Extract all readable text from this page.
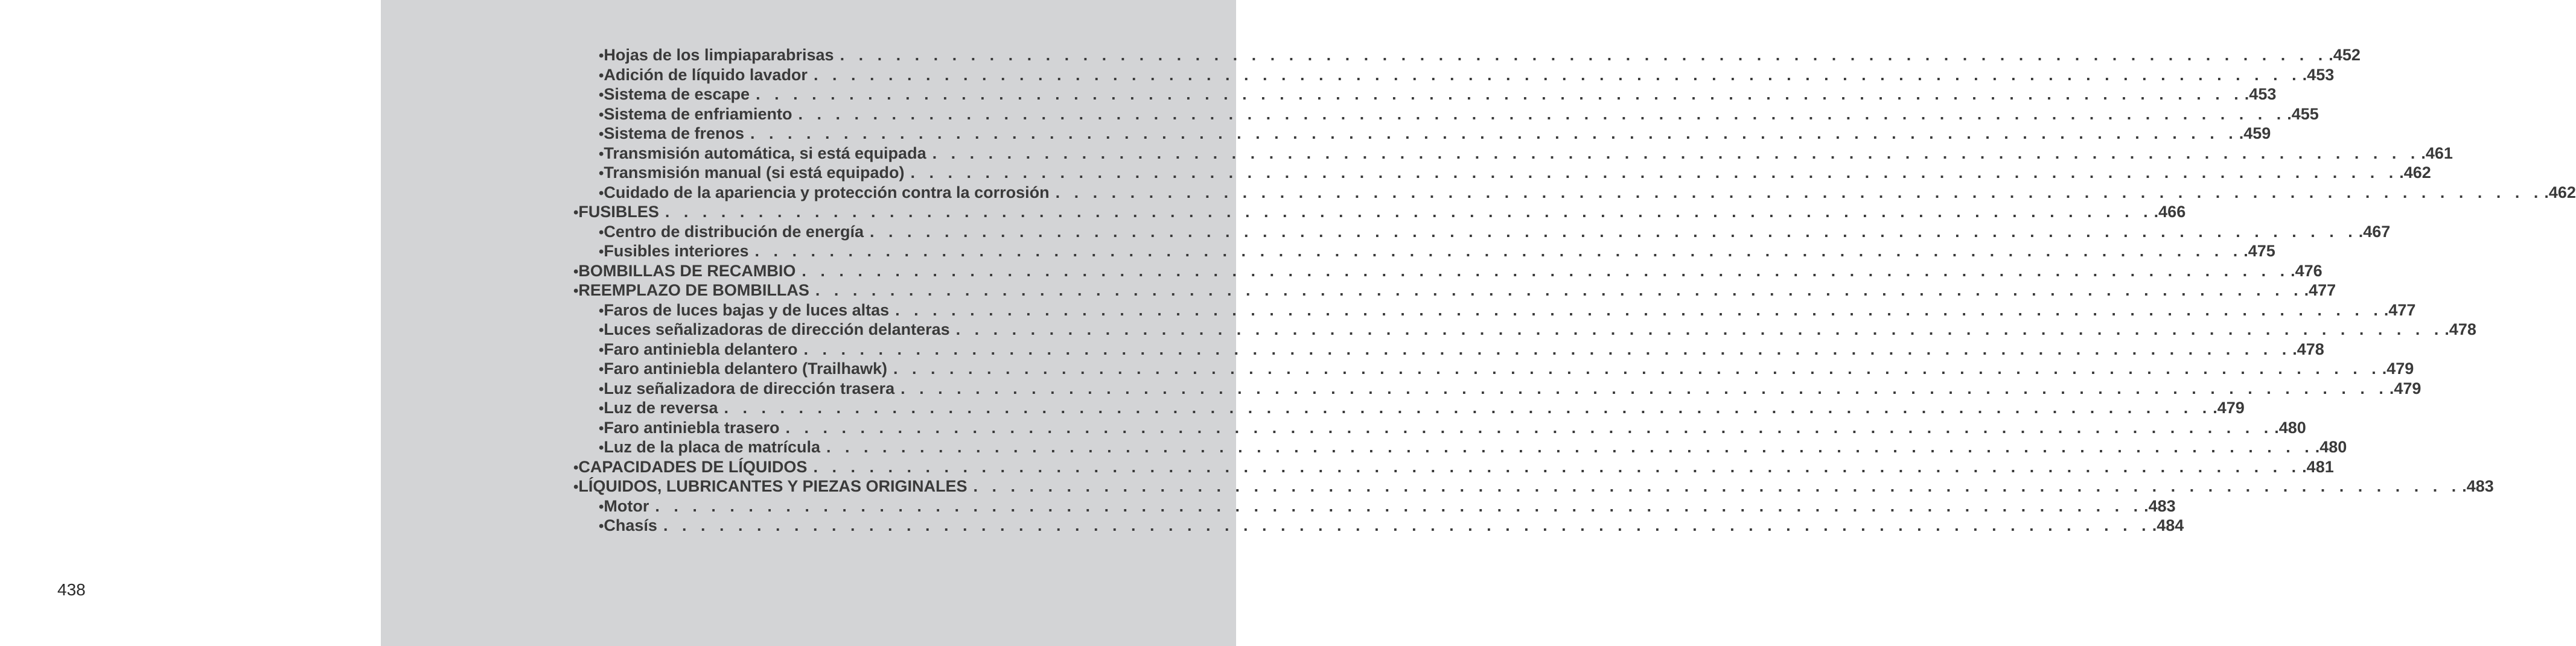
438
• Hojas de los limpiaparabrisas . . . . . . . . . . . . . . . . . . . . . . . . . . . . . . . . . . . . . . . . . . . . . . . . . . . . . . . . . . . . . . . . . . . . . . . . . . . . . . . . .452
• Adición de líquido lavador . . . . . . . . . . . . . . . . . . . . . . . . . . . . . . . . . . . . . . . . . . . . . . . . . . . . . . . . . . . . . . . . . . . . . . . . . . . . . . . . .453
• Sistema de escape . . . . . . . . . . . . . . . . . . . . . . . . . . . . . . . . . . . . . . . . . . . . . . . . . . . . . . . . . . . . . . . . . . . . . . . . . . . . . . . . .453
• Sistema de enfriamiento . . . . . . . . . . . . . . . . . . . . . . . . . . . . . . . . . . . . . . . . . . . . . . . . . . . . . . . . . . . . . . . . . . . . . . . . . . . . . . . . .455
• Sistema de frenos . . . . . . . . . . . . . . . . . . . . . . . . . . . . . . . . . . . . . . . . . . . . . . . . . . . . . . . . . . . . . . . . . . . . . . . . . . . . . . . . .459
• Transmisión automática, si está equipada . . . . . . . . . . . . . . . . . . . . . . . . . . . . . . . . . . . . . . . . . . . . . . . . . . . . . . . . . . . . . . . . . . . . . . . . . . . . . . . . .461
• Transmisión manual (si está equipado) . . . . . . . . . . . . . . . . . . . . . . . . . . . . . . . . . . . . . . . . . . . . . . . . . . . . . . . . . . . . . . . . . . . . . . . . . . . . . . . . .462
• Cuidado de la apariencia y protección contra la corrosión . . . . . . . . . . . . . . . . . . . . . . . . . . . . . . . . . . . . . . . . . . . . . . . . . . . . . . . . . . . . . . . . . . . . . . . . . . . . . . . . .462
• FUSIBLES . . . . . . . . . . . . . . . . . . . . . . . . . . . . . . . . . . . . . . . . . . . . . . . . . . . . . . . . . . . . . . . . . . . . . . . . . . . . . . . . .466
• Centro de distribución de energía . . . . . . . . . . . . . . . . . . . . . . . . . . . . . . . . . . . . . . . . . . . . . . . . . . . . . . . . . . . . . . . . . . . . . . . . . . . . . . . . .467
• Fusibles interiores . . . . . . . . . . . . . . . . . . . . . . . . . . . . . . . . . . . . . . . . . . . . . . . . . . . . . . . . . . . . . . . . . . . . . . . . . . . . . . . . .475
• BOMBILLAS DE RECAMBIO . . . . . . . . . . . . . . . . . . . . . . . . . . . . . . . . . . . . . . . . . . . . . . . . . . . . . . . . . . . . . . . . . . . . . . . . . . . . . . . . .476
• REEMPLAZO DE BOMBILLAS . . . . . . . . . . . . . . . . . . . . . . . . . . . . . . . . . . . . . . . . . . . . . . . . . . . . . . . . . . . . . . . . . . . . . . . . . . . . . . . . .477
• Faros de luces bajas y de luces altas . . . . . . . . . . . . . . . . . . . . . . . . . . . . . . . . . . . . . . . . . . . . . . . . . . . . . . . . . . . . . . . . . . . . . . . . . . . . . . . . .477
• Luces señalizadoras de dirección delanteras . . . . . . . . . . . . . . . . . . . . . . . . . . . . . . . . . . . . . . . . . . . . . . . . . . . . . . . . . . . . . . . . . . . . . . . . . . . . . . . . .478
• Faro antiniebla delantero . . . . . . . . . . . . . . . . . . . . . . . . . . . . . . . . . . . . . . . . . . . . . . . . . . . . . . . . . . . . . . . . . . . . . . . . . . . . . . . . .478
• Faro antiniebla delantero (Trailhawk) . . . . . . . . . . . . . . . . . . . . . . . . . . . . . . . . . . . . . . . . . . . . . . . . . . . . . . . . . . . . . . . . . . . . . . . . . . . . . . . . .479
• Luz señalizadora de dirección trasera . . . . . . . . . . . . . . . . . . . . . . . . . . . . . . . . . . . . . . . . . . . . . . . . . . . . . . . . . . . . . . . . . . . . . . . . . . . . . . . . .479
• Luz de reversa . . . . . . . . . . . . . . . . . . . . . . . . . . . . . . . . . . . . . . . . . . . . . . . . . . . . . . . . . . . . . . . . . . . . . . . . . . . . . . . . .479
• Faro antiniebla trasero . . . . . . . . . . . . . . . . . . . . . . . . . . . . . . . . . . . . . . . . . . . . . . . . . . . . . . . . . . . . . . . . . . . . . . . . . . . . . . . . .480
• Luz de la placa de matrícula . . . . . . . . . . . . . . . . . . . . . . . . . . . . . . . . . . . . . . . . . . . . . . . . . . . . . . . . . . . . . . . . . . . . . . . . . . . . . . . . .480
• CAPACIDADES DE LÍQUIDOS . . . . . . . . . . . . . . . . . . . . . . . . . . . . . . . . . . . . . . . . . . . . . . . . . . . . . . . . . . . . . . . . . . . . . . . . . . . . . . . . .481
• LÍQUIDOS, LUBRICANTES Y PIEZAS ORIGINALES . . . . . . . . . . . . . . . . . . . . . . . . . . . . . . . . . . . . . . . . . . . . . . . . . . . . . . . . . . . . . . . . . . . . . . . . . . . . . . . . .483
• Motor . . . . . . . . . . . . . . . . . . . . . . . . . . . . . . . . . . . . . . . . . . . . . . . . . . . . . . . . . . . . . . . . . . . . . . . . . . . . . . . . .483
• Chasís . . . . . . . . . . . . . . . . . . . . . . . . . . . . . . . . . . . . . . . . . . . . . . . . . . . . . . . . . . . . . . . . . . . . . . . . . . . . . . . . .484
